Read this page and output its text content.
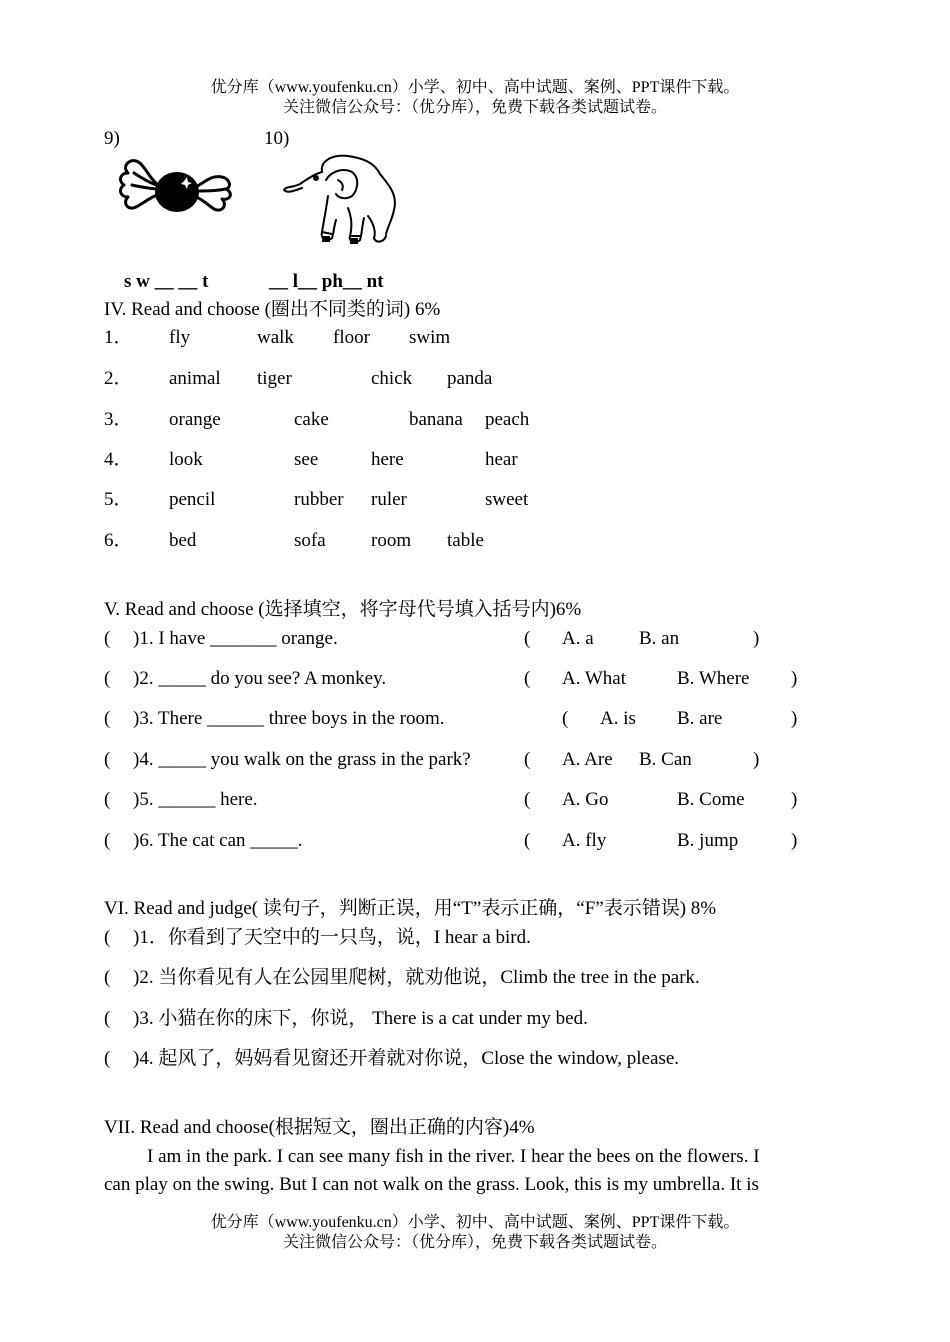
优分库（www.youfenku.cn）小学、初中、高中试题、案例、PPT课件下载。
关注微信公众号：（优分库），免费下载各类试题试卷。
9)	10)
s w __ __ t	__ l__ ph__ nt
IV. Read and choose (圈出不同类的词) 6%
1． fly	walk floor swim
2． animal tiger	chick panda
3． orange	cake	banana peach
4． look	see	here	hear
5． pencil	rubber ruler	sweet
6． bed	sofa room table
V. Read and choose (选择填空，将字母代号填入括号内)6%
( )1. I have _______ orange.	( A. a B. an	)
( )2. _____ do you see? A monkey.	( A. What	B. Where )
( )3. There ______ three boys in the room.	( A. is B. are	)
( )4. _____ you walk on the grass in the park?	( A. Are B. Can	)
( )5. ______ here.	( A. Go	B. Come )
( )6. The cat can _____.	( A. fly	B. jump	)
VI. Read and judge( 读句子，判断正误，用“T”表示正确，“F”表示错误) 8%
( )1．你看到了天空中的一只鸟，说，I hear a bird.
( )2. 当你看见有人在公园里爬树，就劝他说，Climb the tree in the park.
( )3. 小猫在你的床下，你说， There is a cat under my bed.
( )4. 起风了，妈妈看见窗还开着就对你说，Close the window, please.
VII. Read and choose(根据短文，圈出正确的内容)4%
I am in the park. I can see many fish in the river. I hear the bees on the flowers. I
can play on the swing. But I can not walk on the grass. Look, this is my umbrella. It is
优分库（www.youfenku.cn）小学、初中、高中试题、案例、PPT课件下载。
关注微信公众号：（优分库），免费下载各类试题试卷。
